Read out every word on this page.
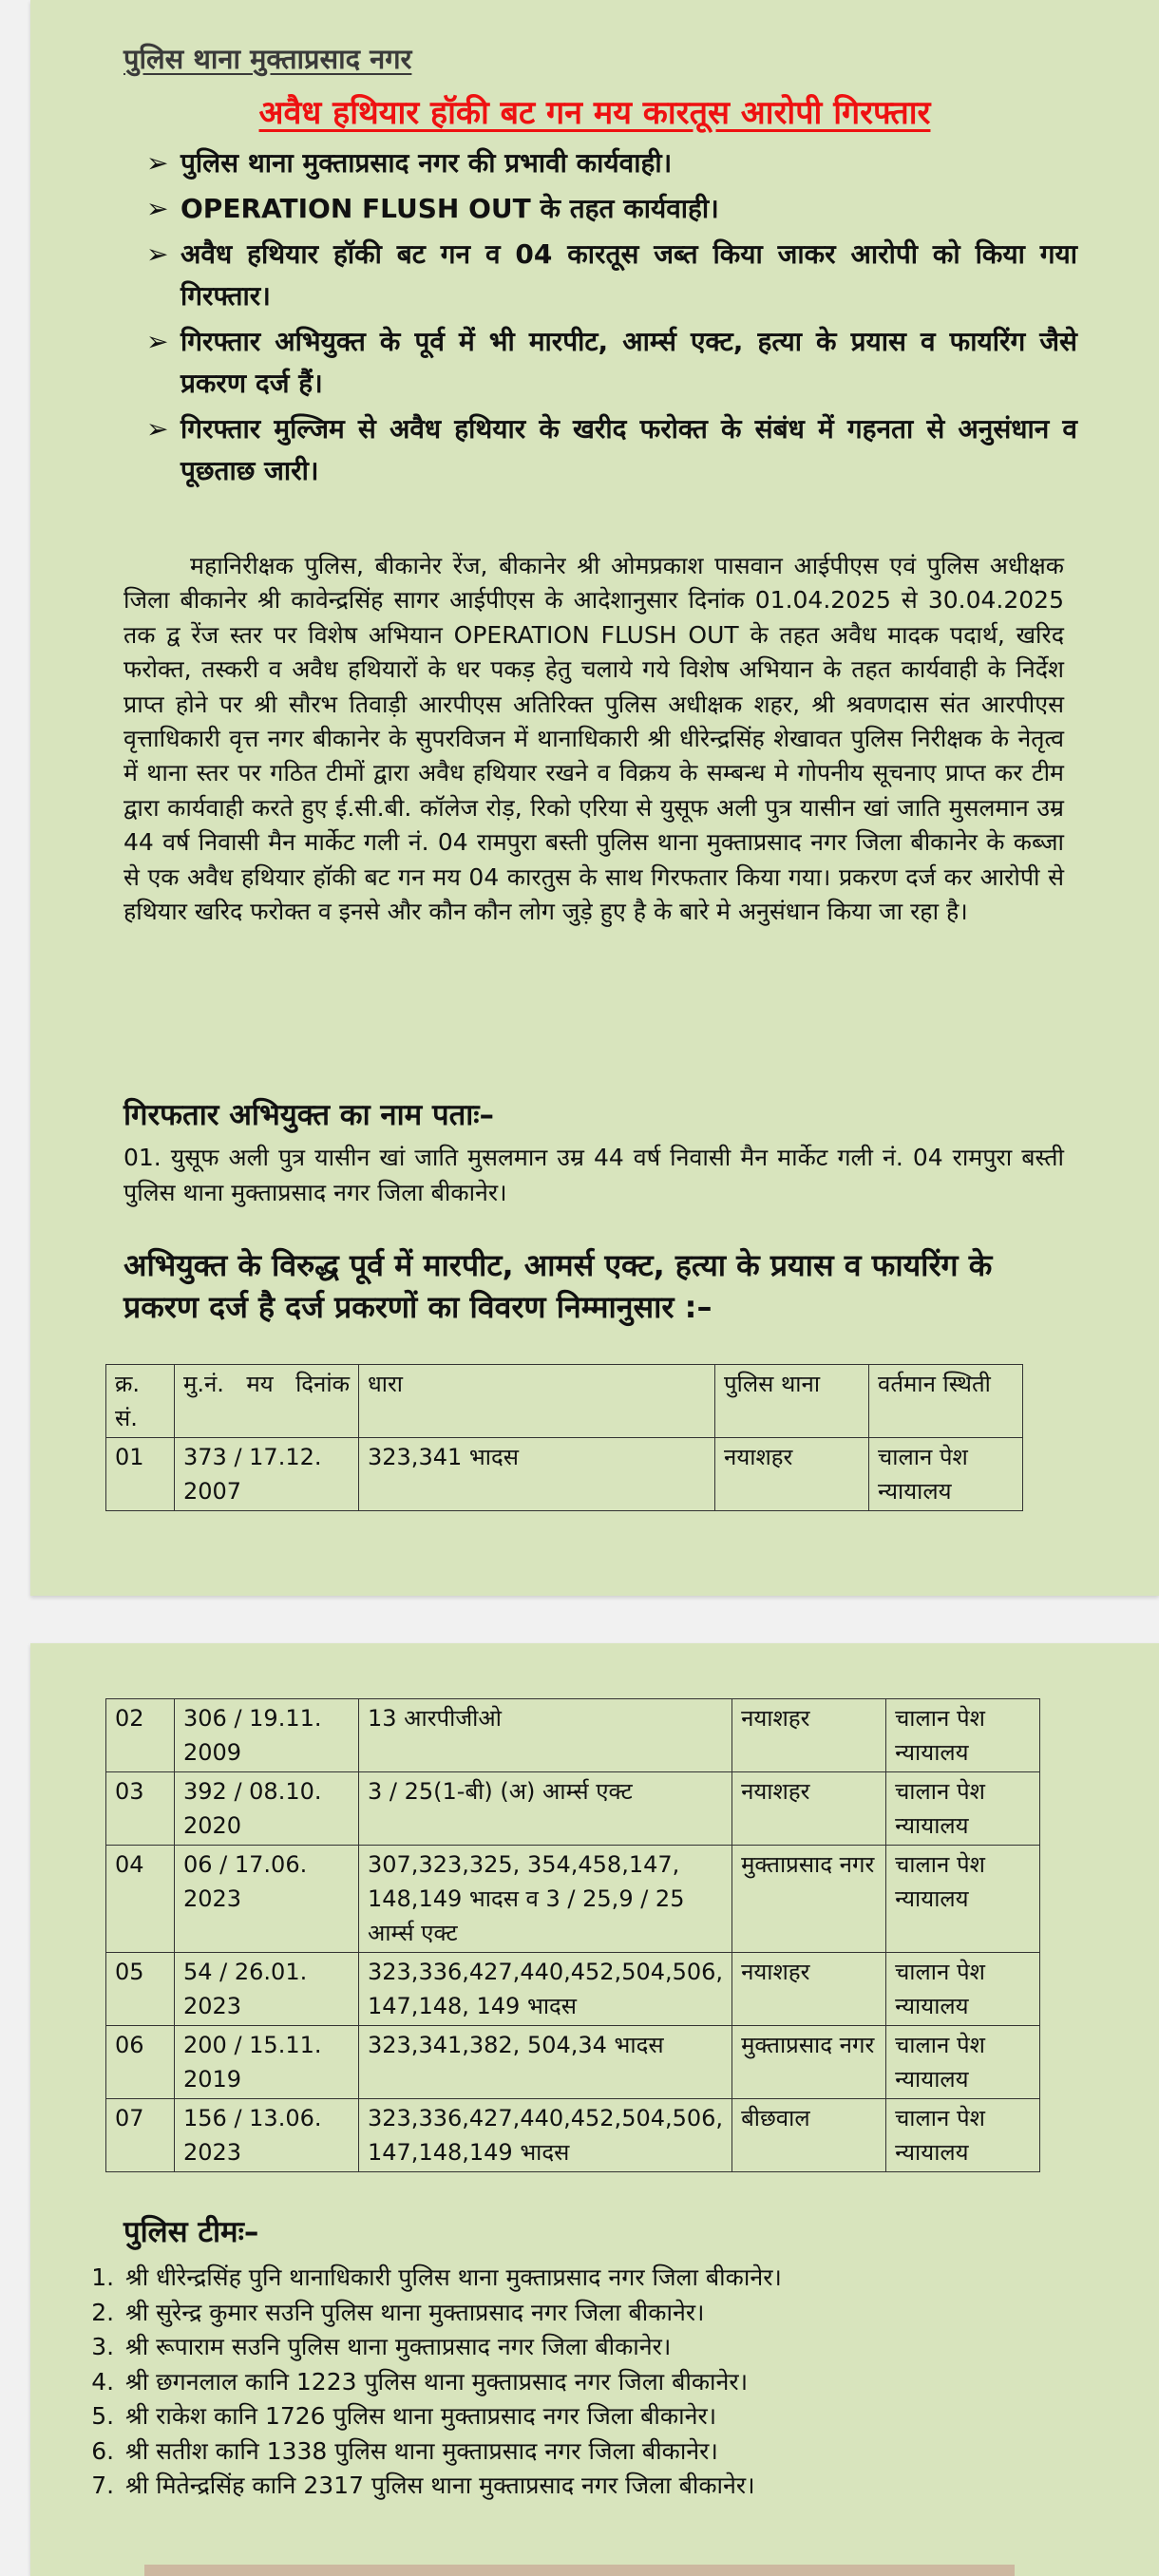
पुलिस थाना मुक्ताप्रसाद नगर
अवैध हथियार हॉकी बट गन मय कारतूस आरोपी गिरफ्तार
➢ पुलिस थाना मुक्ताप्रसाद नगर की प्रभावी कार्यवाही।
➢ OPERATION FLUSH OUT के तहत कार्यवाही।
➢ अवैध हथियार हॉकी बट गन व 04 कारतूस जब्त किया जाकर आरोपी को किया गया गिरफ्तार।
➢ गिरफ्तार अभियुक्त के पूर्व में भी मारपीट, आर्म्स एक्ट, हत्या के प्रयास व फायरिंग जैसे प्रकरण दर्ज हैं।
➢ गिरफ्तार मुल्जिम से अवैध हथियार के खरीद फरोक्त के संबंध में गहनता से अनुसंधान व पूछताछ जारी।

महानिरीक्षक पुलिस, बीकानेर रेंज, बीकानेर श्री ओमप्रकाश पासवान आईपीएस एवं पुलिस अधीक्षक जिला बीकानेर श्री कावेन्द्रसिंह सागर आईपीएस के आदेशानुसार दिनांक 01.04.2025 से 30.04.2025 तक द्व रेंज स्तर पर विशेष अभियान OPERATION FLUSH OUT के तहत अवैध मादक पदार्थ, खरिद फरोक्त, तस्करी व अवैध हथियारों के धर पकड़ हेतु चलाये गये विशेष अभियान के तहत कार्यवाही के निर्देश प्राप्त होने पर श्री सौरभ तिवाड़ी आरपीएस अतिरिक्त पुलिस अधीक्षक शहर, श्री श्रवणदास संत आरपीएस वृत्ताधिकारी वृत्त नगर बीकानेर के सुपरविजन में थानाधिकारी श्री धीरेन्द्रसिंह शेखावत पुलिस निरीक्षक के नेतृत्व में थाना स्तर पर गठित टीमों द्वारा अवैध हथियार रखने व विक्रय के सम्बन्ध मे गोपनीय सूचनाए प्राप्त कर टीम द्वारा कार्यवाही करते हुए ई.सी.बी. कॉलेज रोड़, रिको एरिया से युसूफ अली पुत्र यासीन खां जाति मुसलमान उम्र 44 वर्ष निवासी मैन मार्केट गली नं. 04 रामपुरा बस्ती पुलिस थाना मुक्ताप्रसाद नगर जिला बीकानेर के कब्जा से एक अवैध हथियार हॉकी बट गन मय 04 कारतुस के साथ गिरफतार किया गया। प्रकरण दर्ज कर आरोपी से हथियार खरिद फरोक्त व इनसे और कौन कौन लोग जुड़े हुए है के बारे मे अनुसंधान किया जा रहा है।

गिरफतार अभियुक्त का नाम पताः–

01. युसूफ अली पुत्र यासीन खां जाति मुसलमान उम्र 44 वर्ष निवासी मैन मार्केट गली नं. 04 रामपुरा बस्ती पुलिस थाना मुक्ताप्रसाद नगर जिला बीकानेर।

अभियुक्त के विरुद्ध पूर्व में मारपीट, आमर्स एक्ट, हत्या के प्रयास व फायरिंग के प्रकरण दर्ज है दर्ज प्रकरणों का विवरण निम्मानुसार :–

क्र. सं.	मु.नं. मय दिनांक	धारा	पुलिस थाना	वर्तमान स्थिती
01	373 / 17.12. 2007	323,341 भादस	नयाशहर	चालान पेश न्यायालय
02	306 / 19.11. 2009	13 आरपीजीओ	नयाशहर	चालान पेश न्यायालय
03	392 / 08.10. 2020	3 / 25(1-बी) (अ) आर्म्स एक्ट	नयाशहर	चालान पेश न्यायालय
04	06 / 17.06. 2023	307,323,325, 354,458,147, 148,149 भादस व 3 / 25,9 / 25 आर्म्स एक्ट	मुक्ताप्रसाद नगर	चालान पेश न्यायालय
05	54 / 26.01. 2023	323,336,427,440,452,504,506, 147,148, 149 भादस	नयाशहर	चालान पेश न्यायालय
06	200 / 15.11. 2019	323,341,382, 504,34 भादस	मुक्ताप्रसाद नगर	चालान पेश न्यायालय
07	156 / 13.06. 2023	323,336,427,440,452,504,506, 147,148,149 भादस	बीछवाल	चालान पेश न्यायालय
पुलिस टीमः–
1. श्री धीरेन्द्रसिंह पुनि थानाधिकारी पुलिस थाना मुक्ताप्रसाद नगर जिला बीकानेर।
2. श्री सुरेन्द्र कुमार सउनि पुलिस थाना मुक्ताप्रसाद नगर जिला बीकानेर।
3. श्री रूपाराम सउनि पुलिस थाना मुक्ताप्रसाद नगर जिला बीकानेर।
4. श्री छगनलाल कानि 1223 पुलिस थाना मुक्ताप्रसाद नगर जिला बीकानेर।
5. श्री राकेश कानि 1726 पुलिस थाना मुक्ताप्रसाद नगर जिला बीकानेर।
6. श्री सतीश कानि 1338 पुलिस थाना मुक्ताप्रसाद नगर जिला बीकानेर।
7. श्री मितेन्द्रसिंह कानि 2317 पुलिस थाना मुक्ताप्रसाद नगर जिला बीकानेर।
